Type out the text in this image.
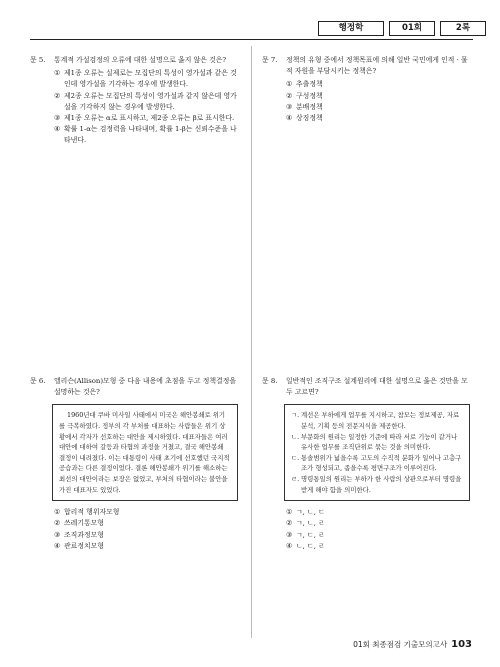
행정학	01회	2록
문 5.	통계적 가설검정의 오류에 대한 설명으로 옳지 않은 것은?
① 제1종 오류는 실제로는 모집단의 특성이 영가설과 같은 것인데 영가설을 기각하는 경우에 발생한다.
② 제2종 오류는 모집단의 특성이 영가설과 같지 않은데 영가설을 기각하지 않는 경우에 발생한다.
③ 제1종 오류는 α로 표시하고, 제2종 오류는 β로 표시한다.
④ 확률 1-α는 검정력을 나타내며, 확률 1-β는 신뢰수준을 나타낸다.
문 7.	정책의 유형 중에서 정책목표에 의해 일반 국민에게 인적 · 물적 자원을 부담시키는 정책은?
① 추출정책
② 구성정책
③ 분배정책
④ 상징정책
문 6.	앨리슨(Allison)모형 중 다음 내용에 초점을 두고 정책결정을 설명하는 것은?

1960년대 쿠바 미사일 사태에서 미국은 해안봉쇄로 위기를 극복하였다. 정부의 각 부처를 대표하는 사람들은 위기 상황에서 각자가 선호하는 대안을 제시하였다. 대표자들은 여러 대안에 대하여 갈등과 타협의 과정을 거쳤고, 결국 해안봉쇄 결정이 내려졌다. 이는 대통령이 사태 초기에 선호했던 국지적 공습과는 다른 결정이었다. 결론 해안봉쇄가 위기를 해소하는 최선의 대안이라는 보장은 없었고, 부처의 타협이라는 불안을 가진 대표자도 있었다.

① 합리적 행위자모형
② 쓰레기통모형
③ 조직과정모형
④ 관료정치모형
문 8.	일반적인 조직구조 설계원리에 대한 설명으로 옳은 것만을 모두 고르면?
ㄱ. 계선은 부하에게 업무를 지시하고, 참모는 정보제공, 자료분석, 기획 등의 전문지식을 제공한다.
ㄴ. 부문화의 원리는 일정한 기준에 따라 서로 기능이 같거나 유사한 업무를 조직단위로 묶는 것을 의미한다.
ㄷ. 통솔범위가 넓을수록 고도의 수직적 분화가 일어나 고층구조가 형성되고, 좁을수록 평면구조가 이루어진다.
ㄹ. 명령통일의 원리는 부하가 한 사람의 상관으로부터 명령을 받게 해야 함을 의미한다.
① ㄱ, ㄴ, ㄷ
② ㄱ, ㄴ, ㄹ
③ ㄱ, ㄷ, ㄹ
④ ㄴ, ㄷ, ㄹ
01회 최종점검 기출모의고사 103
